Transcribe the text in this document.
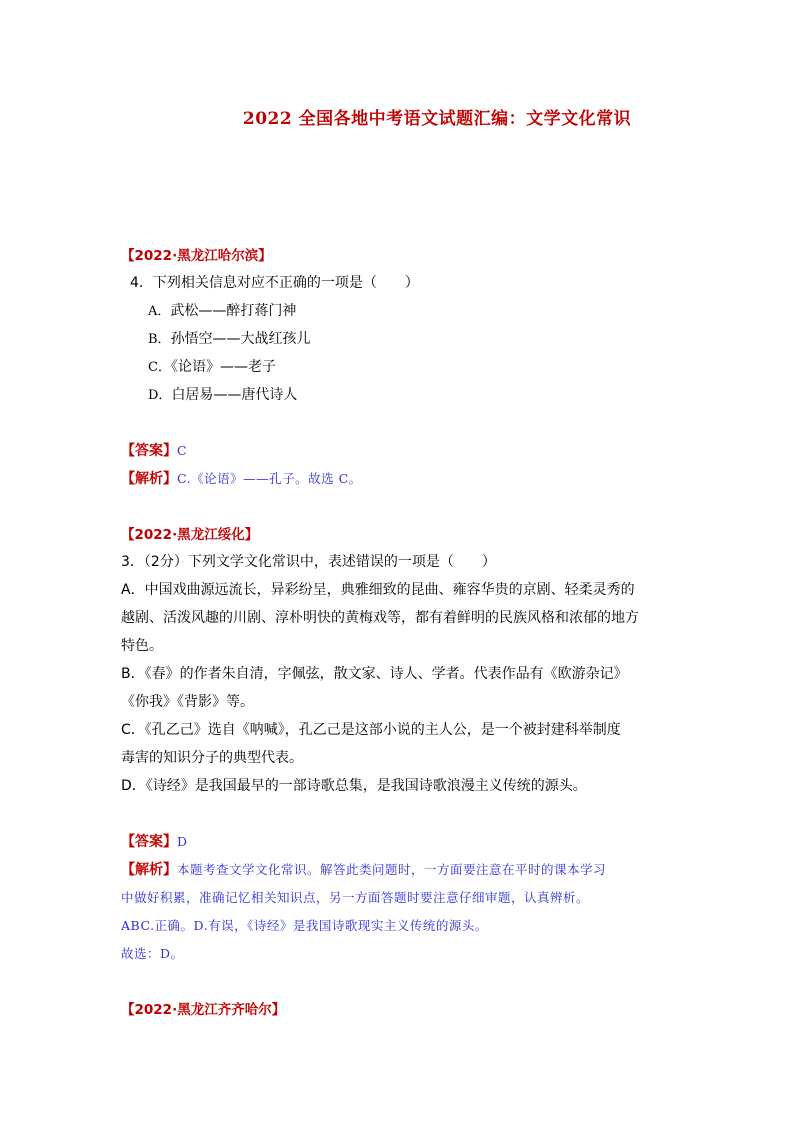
2022 全国各地中考语文试题汇编：文学文化常识
【2022·黑龙江哈尔滨】
4．下列相关信息对应不正确的一项是（　　）
A．武松——醉打蒋门神
B．孙悟空——大战红孩儿
C．《论语》——老子
D．白居易——唐代诗人
【答案】C
【解析】C.《论语》——孔子。故选 C。
【2022·黑龙江绥化】
3．（2分）下列文学文化常识中，表述错误的一项是（　　）
A．中国戏曲源远流长，异彩纷呈，典雅细致的昆曲、雍容华贵的京剧、轻柔灵秀的
越剧、活泼风趣的川剧、淳朴明快的黄梅戏等，都有着鲜明的民族风格和浓郁的地方
特色。
B．《春》的作者朱自清，字佩弦，散文家、诗人、学者。代表作品有《欧游杂记》
《你我》《背影》等。
C．《孔乙己》选自《呐喊》，孔乙己是这部小说的主人公，是一个被封建科举制度
毒害的知识分子的典型代表。
D．《诗经》是我国最早的一部诗歌总集，是我国诗歌浪漫主义传统的源头。
【答案】D
【解析】本题考查文学文化常识。解答此类问题时，一方面要注意在平时的课本学习
中做好积累，准确记忆相关知识点，另一方面答题时要注意仔细审题，认真辨析。
ABC.正确。D.有误，《诗经》是我国诗歌现实主义传统的源头。
故选：D。
【2022·黑龙江齐齐哈尔】
